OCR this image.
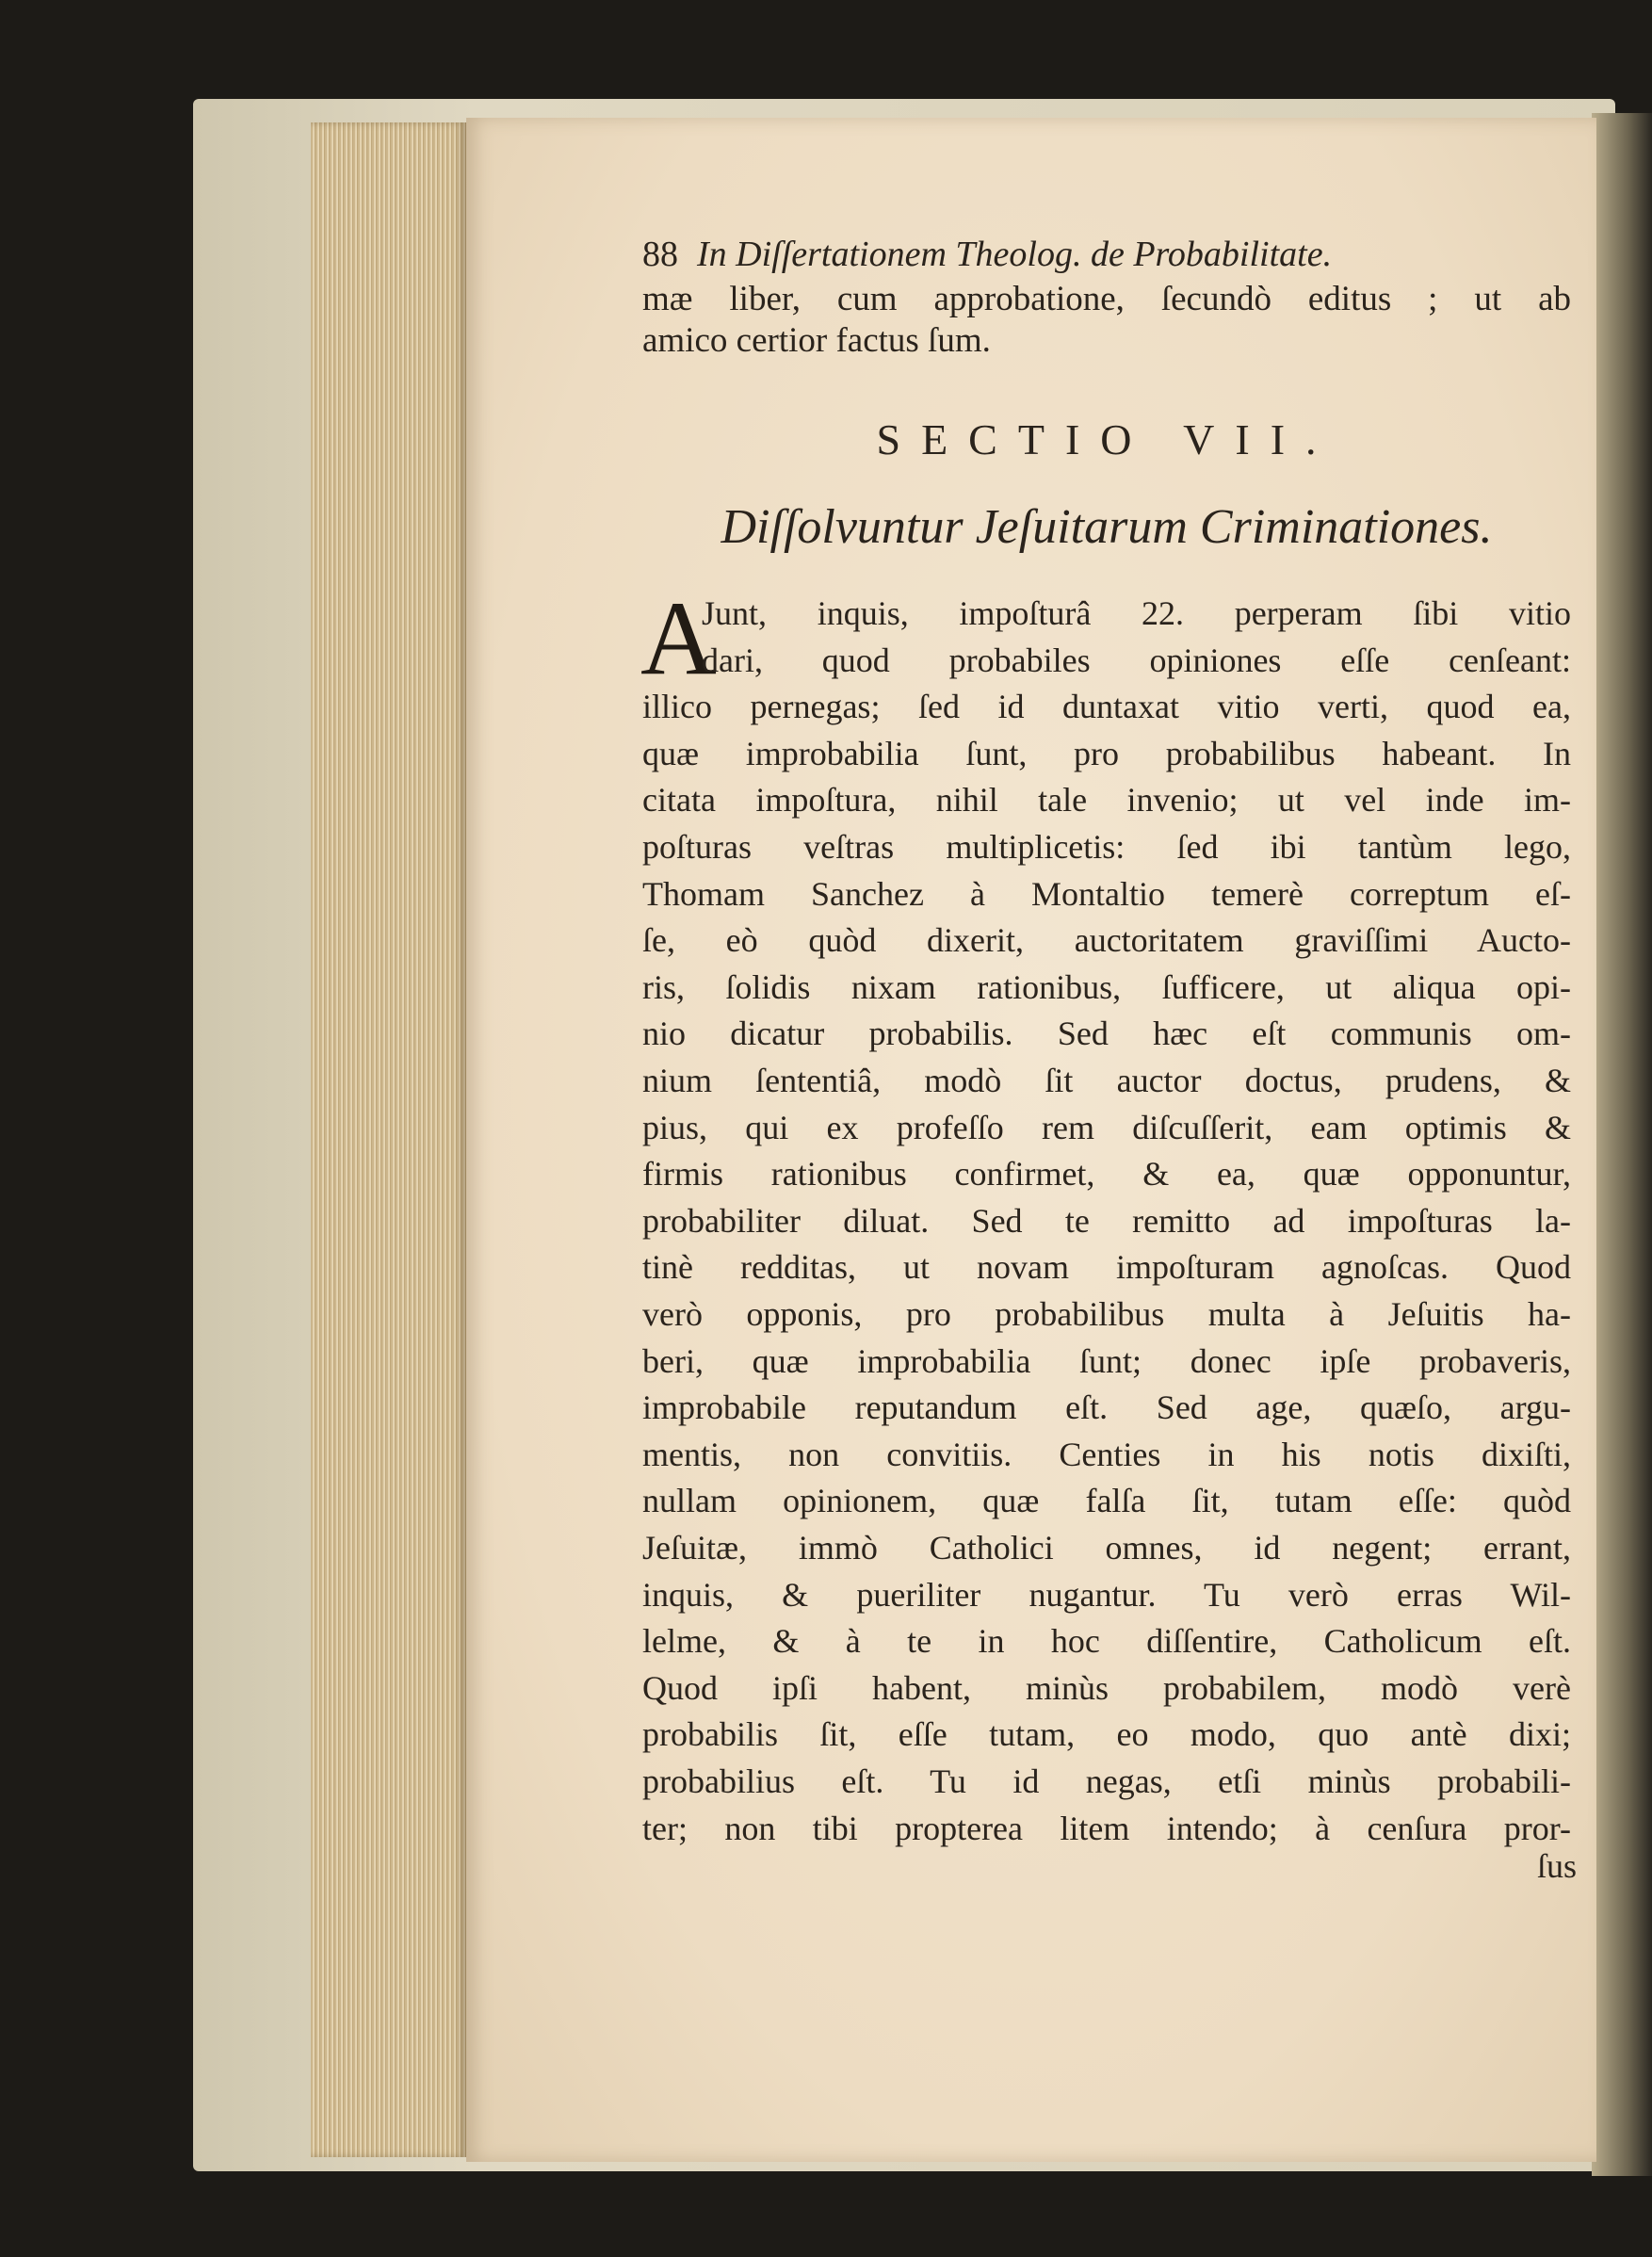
88 In Diſſertationem Theolog. de Probabilitate.
mæ liber, cum approbatione, ſecundò editus ; ut ab
amico certior factus ſum.
SECTIO VII.
Diſſolvuntur Jeſuitarum Criminationes.
A
Junt, inquis, impoſturâ 22. perperam ſibi vitio
dari, quod probabiles opiniones eſſe cenſeant:
illico pernegas; ſed id duntaxat vitio verti, quod ea,
quæ improbabilia ſunt, pro probabilibus habeant. In
citata impoſtura, nihil tale invenio; ut vel inde im-
poſturas veſtras multiplicetis: ſed ibi tantùm lego,
Thomam Sanchez à Montaltio temerè correptum eſ-
ſe, eò quòd dixerit, auctoritatem graviſſimi Aucto-
ris, ſolidis nixam rationibus, ſufficere, ut aliqua opi-
nio dicatur probabilis. Sed hæc eſt communis om-
nium ſententiâ, modò ſit auctor doctus, prudens, &
pius, qui ex profeſſo rem diſcuſſerit, eam optimis &
firmis rationibus confirmet, & ea, quæ opponuntur,
probabiliter diluat. Sed te remitto ad impoſturas la-
tinè redditas, ut novam impoſturam agnoſcas. Quod
verò opponis, pro probabilibus multa à Jeſuitis ha-
beri, quæ improbabilia ſunt; donec ipſe probaveris,
improbabile reputandum eſt. Sed age, quæſo, argu-
mentis, non convitiis. Centies in his notis dixiſti,
nullam opinionem, quæ falſa ſit, tutam eſſe: quòd
Jeſuitæ, immò Catholici omnes, id negent; errant,
inquis, & pueriliter nugantur. Tu verò erras Wil-
lelme, & à te in hoc diſſentire, Catholicum eſt.
Quod ipſi habent, minùs probabilem, modò verè
probabilis ſit, eſſe tutam, eo modo, quo antè dixi;
probabilius eſt. Tu id negas, etſi minùs probabili-
ter; non tibi propterea litem intendo; à cenſura pror-
ſus
